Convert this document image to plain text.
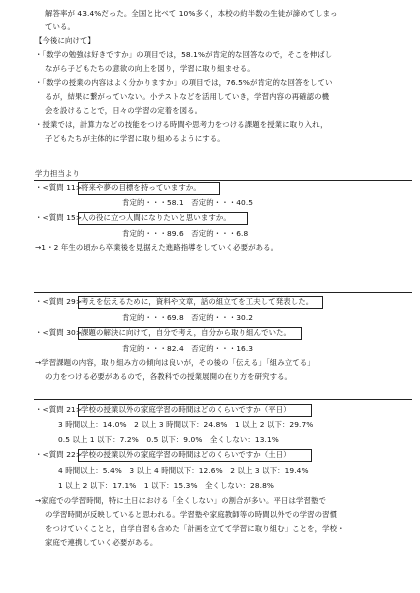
解答率が 43.4%だった。全国と比べて 10%多く，本校の約半数の生徒が諦めてしまっ
ている。
【今後に向けて】
・「数学の勉強は好きですか」の項目では，58.1%が肯定的な回答なので，そこを伸ばし
ながら子どもたちの意欲の向上を図り，学習に取り組ませる。
・「数学の授業の内容はよく分かりますか」の項目では，76.5%が肯定的な回答をしてい
るが，結果に繋がっていない。小テストなどを活用していき，学習内容の再確認の機
会を設けることで，日々の学習の定着を図る。
・授業では，計算力などの技能をつける時間や思考力をつける課題を授業に取り入れ，
子どもたちが主体的に学習に取り組めるようにする。
学力担当より
・<質問 11>
将来や夢の目標を持っていますか。
肯定的・・・58.1　否定的・・・40.5
・<質問 15>
人の役に立つ人間になりたいと思いますか。
肯定的・・・89.6　否定的・・・6.8
→1・2 年生の頃から卒業後を見据えた進路指導をしていく必要がある。
・<質問 29>
考えを伝えるために，資料や文章，話の組立てを工夫して発表した。
肯定的・・・69.8　否定的・・・30.2
・<質問 30>
課題の解決に向けて，自分で考え，自分から取り組んでいた。
肯定的・・・82.4　否定的・・・16.3
→学習課題の内容，取り組み方の傾向は良いが，その後の「伝える」「組み立てる」
の力をつける必要があるので，各教科での授業展開の在り方を研究する。
・<質問 21>
学校の授業以外の家庭学習の時間はどのくらいですか（平日）
3 時間以上：14.0%　2 以上 3 時間以下：24.8%　1 以上 2 以下：29.7%
0.5 以上 1 以下：7.2%　0.5 以下：9.0%　全くしない：13.1%
・<質問 22>
学校の授業以外の家庭学習の時間はどのくらいですか（土日）
4 時間以上：5.4%　3 以上 4 時間以下：12.6%　2 以上 3 以下：19.4%
1 以上 2 以下：17.1%　1 以下：15.3%　全くしない：28.8%
→家庭での学習時間，特に土日における「全くしない」の割合が多い。平日は学習塾で
の学習時間が反映していると思われる。学習塾や家庭教師等の時間以外での学習の習慣
をつけていくことと，自学自習も含めた「計画を立てて学習に取り組む」ことを，学校・
家庭で連携していく必要がある。
